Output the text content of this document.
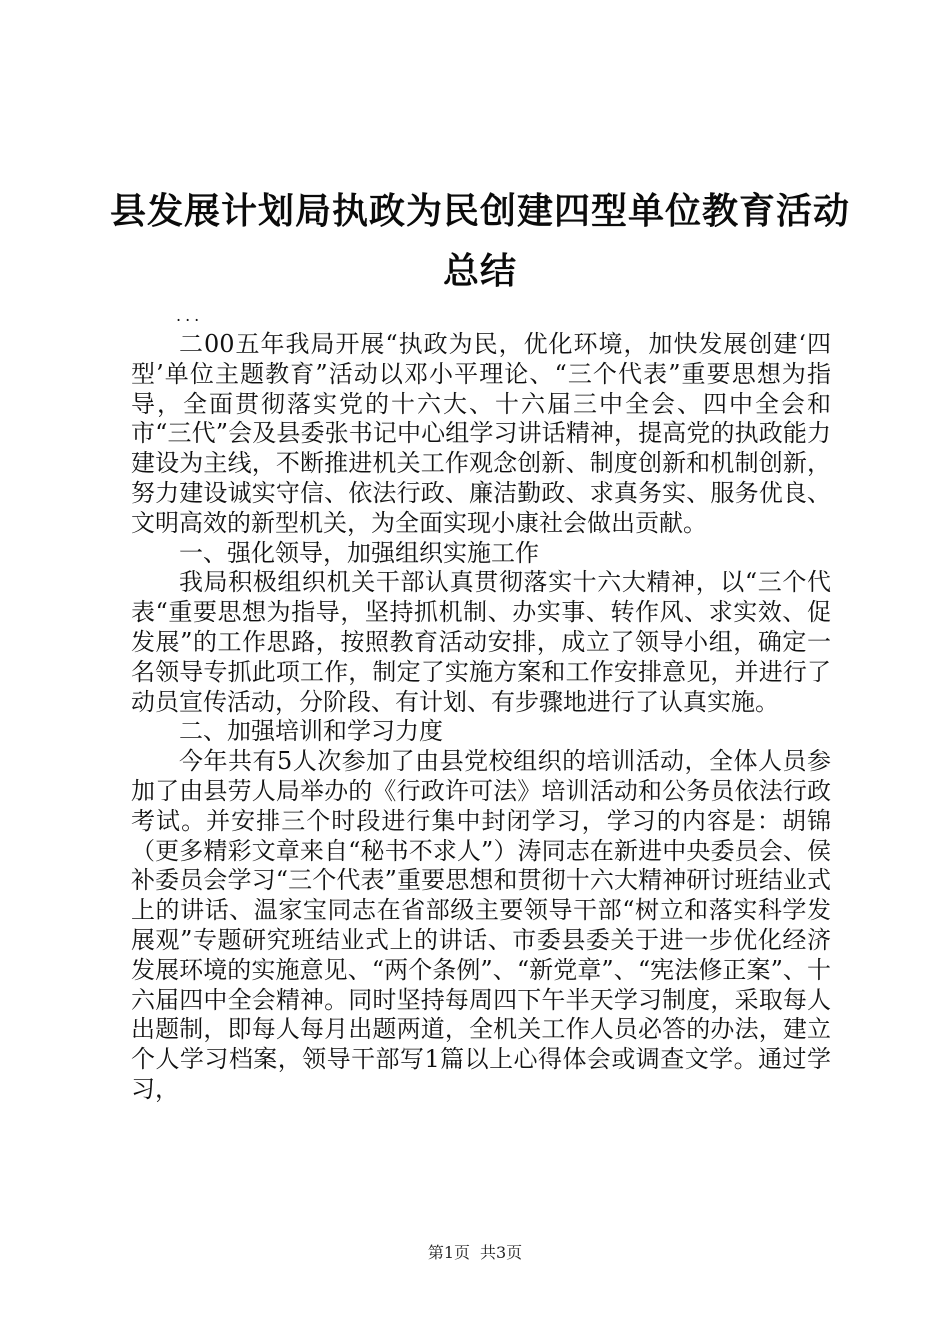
县发展计划局执政为民创建四型单位教育活动总结
...

二00五年我局开展“执政为民，优化环境，加快发展创建‘四型’单位主题教育”活动以邓小平理论、“三个代表”重要思想为指导，全面贯彻落实党的十六大、十六届三中全会、四中全会和市“三代”会及县委张书记中心组学习讲话精神，提高党的执政能力建设为主线，不断推进机关工作观念创新、制度创新和机制创新，努力建设诚实守信、依法行政、廉洁勤政、求真务实、服务优良、文明高效的新型机关，为全面实现小康社会做出贡献。

一、强化领导，加强组织实施工作

我局积极组织机关干部认真贯彻落实十六大精神，以“三个代表“重要思想为指导，坚持抓机制、办实事、转作风、求实效、促发展”的工作思路，按照教育活动安排，成立了领导小组，确定一名领导专抓此项工作，制定了实施方案和工作安排意见，并进行了动员宣传活动，分阶段、有计划、有步骤地进行了认真实施。

二、加强培训和学习力度

今年共有5人次参加了由县党校组织的培训活动，全体人员参加了由县劳人局举办的《行政许可法》培训活动和公务员依法行政考试。并安排三个时段进行集中封闭学习，学习的内容是：胡锦（更多精彩文章来自“秘书不求人”）涛同志在新进中央委员会、侯补委员会学习“三个代表”重要思想和贯彻十六大精神研讨班结业式上的讲话、温家宝同志在省部级主要领导干部“树立和落实科学发展观”专题研究班结业式上的讲话、市委县委关于进一步优化经济发展环境的实施意见、“两个条例”、“新党章”、“宪法修正案”、十六届四中全会精神。同时坚持每周四下午半天学习制度，采取每人出题制，即每人每月出题两道，全机关工作人员必答的办法，建立个人学习档案，领导干部写1篇以上心得体会或调查文学。通过学习，

第1页 共3页
